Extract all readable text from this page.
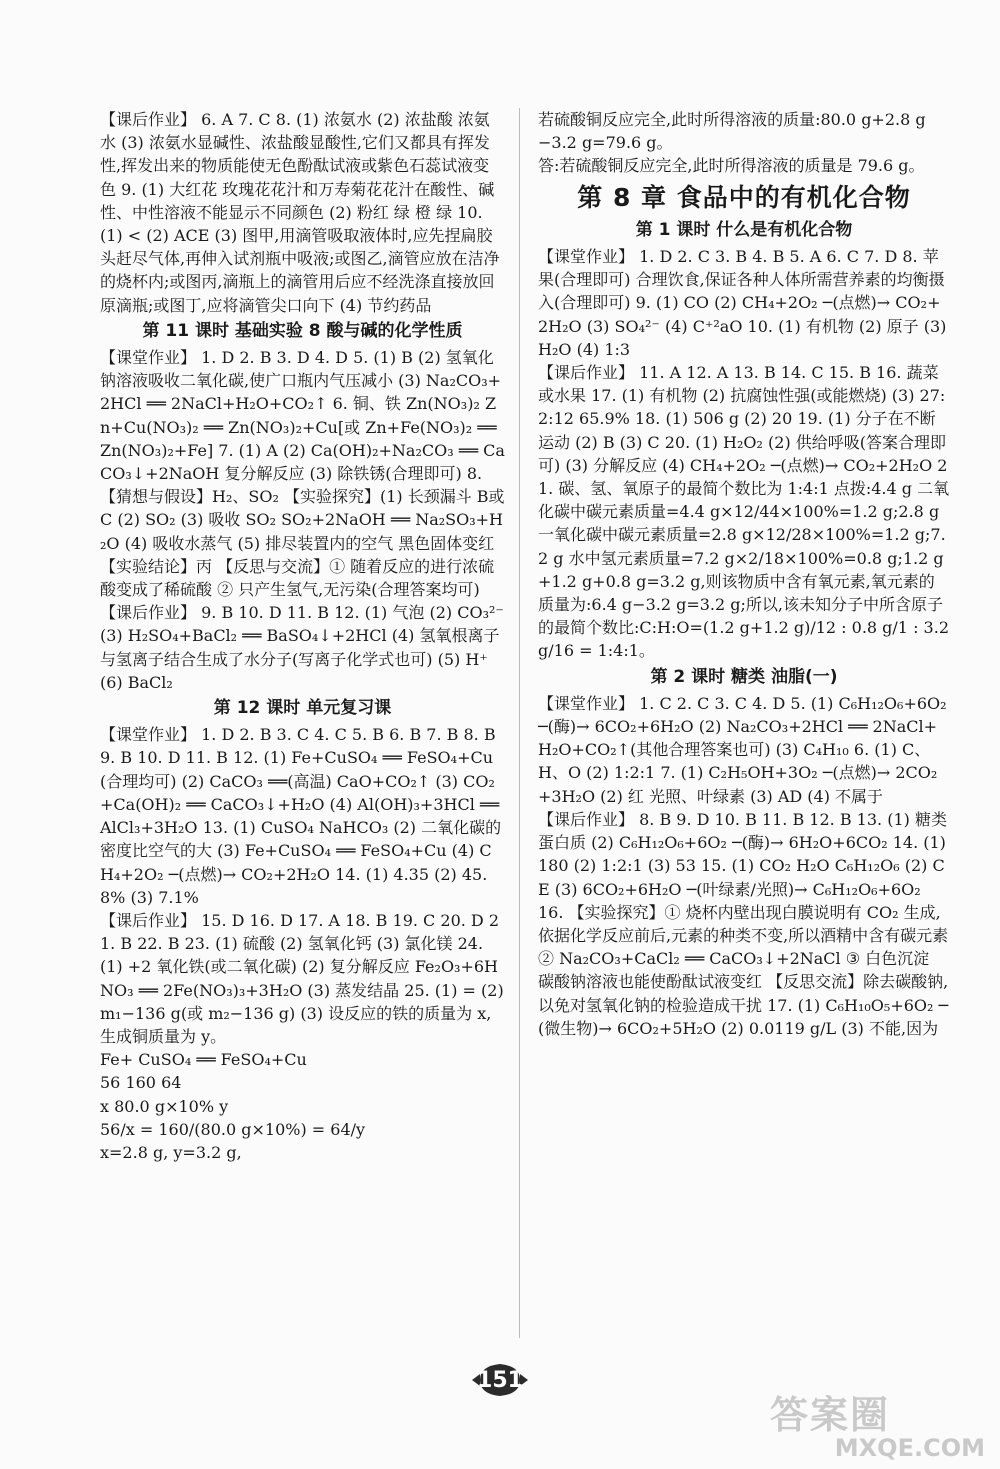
【课后作业】 6. A 7. C 8. (1) 浓氨水 (2) 浓盐酸 浓氨水 (3) 浓氨水显碱性、浓盐酸显酸性,它们又都具有挥发性,挥发出来的物质能使无色酚酞试液或紫色石蕊试液变色 9. (1) 大红花 玫瑰花花汁和万寿菊花花汁在酸性、碱性、中性溶液不能显示不同颜色 (2) 粉红 绿 橙 绿 10. (1) < (2) ACE (3) 图甲,用滴管吸取液体时,应先捏扁胶头赶尽气体,再伸入试剂瓶中吸液;或图乙,滴管应放在洁净的烧杯内;或图丙,滴瓶上的滴管用后应不经洗涤直接放回原滴瓶;或图丁,应将滴管尖口向下 (4) 节约药品

第 11 课时 基础实验 8 酸与碱的化学性质

【课堂作业】 1. D 2. B 3. D 4. D 5. (1) B (2) 氢氧化钠溶液吸收二氧化碳,使广口瓶内气压减小 (3) Na₂CO₃+2HCl ══ 2NaCl+H₂O+CO₂↑ 6. 铜、铁 Zn(NO₃)₂ Zn+Cu(NO₃)₂ ══ Zn(NO₃)₂+Cu[或 Zn+Fe(NO₃)₂ ══ Zn(NO₃)₂+Fe] 7. (1) A (2) Ca(OH)₂+Na₂CO₃ ══ CaCO₃↓+2NaOH 复分解反应 (3) 除铁锈(合理即可) 8. 【猜想与假设】H₂、SO₂ 【实验探究】(1) 长颈漏斗 B或C (2) SO₂ (3) 吸收 SO₂ SO₂+2NaOH ══ Na₂SO₃+H₂O (4) 吸收水蒸气 (5) 排尽装置内的空气 黑色固体变红 【实验结论】丙 【反思与交流】① 随着反应的进行浓硫酸变成了稀硫酸 ② 只产生氢气,无污染(合理答案均可)

【课后作业】 9. B 10. D 11. B 12. (1) 气泡 (2) CO₃²⁻ (3) H₂SO₄+BaCl₂ ══ BaSO₄↓+2HCl (4) 氢氧根离子与氢离子结合生成了水分子(写离子化学式也可) (5) H⁺ (6) BaCl₂

第 12 课时 单元复习课

【课堂作业】 1. D 2. B 3. C 4. C 5. B 6. B 7. B 8. B 9. B 10. D 11. B 12. (1) Fe+CuSO₄ ══ FeSO₄+Cu(合理均可) (2) CaCO₃ ══(高温) CaO+CO₂↑ (3) CO₂+Ca(OH)₂ ══ CaCO₃↓+H₂O (4) Al(OH)₃+3HCl ══ AlCl₃+3H₂O 13. (1) CuSO₄ NaHCO₃ (2) 二氧化碳的密度比空气的大 (3) Fe+CuSO₄ ══ FeSO₄+Cu (4) CH₄+2O₂ ─(点燃)→ CO₂+2H₂O 14. (1) 4.35 (2) 45.8% (3) 7.1%

【课后作业】 15. D 16. D 17. A 18. B 19. C 20. D 21. B 22. B 23. (1) 硫酸 (2) 氢氧化钙 (3) 氯化镁 24. (1) +2 氧化铁(或二氧化碳) (2) 复分解反应 Fe₂O₃+6HNO₃ ══ 2Fe(NO₃)₃+3H₂O (3) 蒸发结晶 25. (1) = (2) m₁−136 g(或 m₂−136 g) (3) 设反应的铁的质量为 x,生成铜质量为 y。

Fe+ CuSO₄ ══ FeSO₄+Cu

56 160 64

x 80.0 g×10% y

56/x = 160/(80.0 g×10%) = 64/y

x=2.8 g, y=3.2 g,

若硫酸铜反应完全,此时所得溶液的质量:80.0 g+2.8 g−3.2 g=79.6 g。

答:若硫酸铜反应完全,此时所得溶液的质量是 79.6 g。

第 8 章 食品中的有机化合物
第 1 课时 什么是有机化合物

【课堂作业】 1. D 2. C 3. B 4. B 5. A 6. C 7. D 8. 苹果(合理即可) 合理饮食,保证各种人体所需营养素的均衡摄入(合理即可) 9. (1) CO (2) CH₄+2O₂ ─(点燃)→ CO₂+2H₂O (3) SO₄²⁻ (4) C⁺²aO 10. (1) 有机物 (2) 原子 (3) H₂O (4) 1:3

【课后作业】 11. A 12. A 13. B 14. C 15. B 16. 蔬菜或水果 17. (1) 有机物 (2) 抗腐蚀性强(或能燃烧) (3) 27:2:12 65.9% 18. (1) 506 g (2) 20 19. (1) 分子在不断运动 (2) B (3) C 20. (1) H₂O₂ (2) 供给呼吸(答案合理即可) (3) 分解反应 (4) CH₄+2O₂ ─(点燃)→ CO₂+2H₂O 21. 碳、氢、氧原子的最简个数比为 1:4:1 点拨:4.4 g 二氧化碳中碳元素质量=4.4 g×12/44×100%=1.2 g;2.8 g 一氧化碳中碳元素质量=2.8 g×12/28×100%=1.2 g;7.2 g 水中氢元素质量=7.2 g×2/18×100%=0.8 g;1.2 g+1.2 g+0.8 g=3.2 g,则该物质中含有氧元素,氧元素的质量为:6.4 g−3.2 g=3.2 g;所以,该未知分子中所含原子的最简个数比:C:H:O=(1.2 g+1.2 g)/12 : 0.8 g/1 : 3.2 g/16 = 1:4:1。

第 2 课时 糖类 油脂(一)

【课堂作业】 1. C 2. C 3. C 4. D 5. (1) C₆H₁₂O₆+6O₂ ─(酶)→ 6CO₂+6H₂O (2) Na₂CO₃+2HCl ══ 2NaCl+H₂O+CO₂↑(其他合理答案也可) (3) C₄H₁₀ 6. (1) C、H、O (2) 1:2:1 7. (1) C₂H₅OH+3O₂ ─(点燃)→ 2CO₂+3H₂O (2) 红 光照、叶绿素 (3) AD (4) 不属于

【课后作业】 8. B 9. D 10. B 11. B 12. B 13. (1) 糖类 蛋白质 (2) C₆H₁₂O₆+6O₂ ─(酶)→ 6H₂O+6CO₂ 14. (1) 180 (2) 1:2:1 (3) 53 15. (1) CO₂ H₂O C₆H₁₂O₆ (2) CE (3) 6CO₂+6H₂O ─(叶绿素/光照)→ C₆H₁₂O₆+6O₂

16. 【实验探究】① 烧杯内壁出现白膜说明有 CO₂ 生成,依据化学反应前后,元素的种类不变,所以酒精中含有碳元素 ② Na₂CO₃+CaCl₂ ══ CaCO₃↓+2NaCl ③ 白色沉淀 碳酸钠溶液也能使酚酞试液变红 【反思交流】除去碳酸钠,以免对氢氧化钠的检验造成干扰 17. (1) C₆H₁₀O₅+6O₂ ─(微生物)→ 6CO₂+5H₂O (2) 0.0119 g/L (3) 不能,因为

151
答案圈
MXQE.COM
